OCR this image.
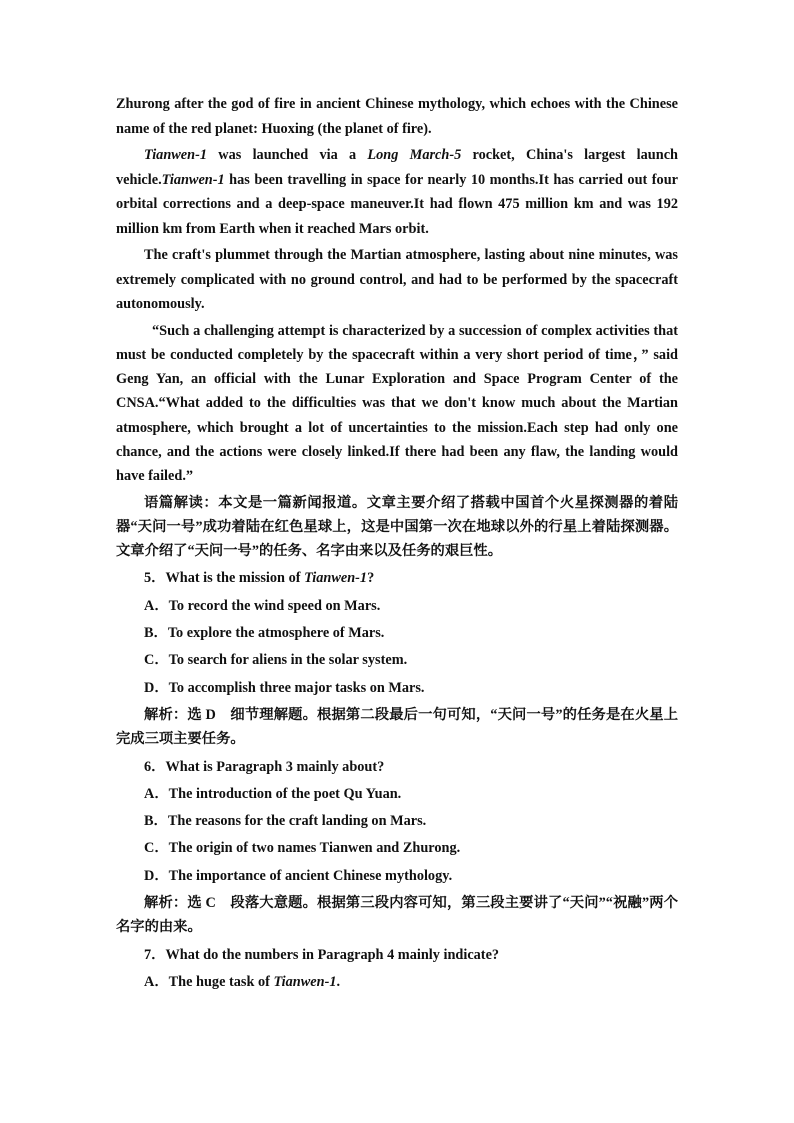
Zhurong after the god of fire in ancient Chinese mythology, which echoes with the Chinese name of the red planet: Huoxing (the planet of fire).

Tianwen-1 was launched via a Long March-5 rocket, China's largest launch vehicle.Tianwen-1 has been travelling in space for nearly 10 months.It has carried out four orbital corrections and a deep-space maneuver.It had flown 475 million km and was 192 million km from Earth when it reached Mars orbit.

The craft's plummet through the Martian atmosphere, lasting about nine minutes, was extremely complicated with no ground control, and had to be performed by the spacecraft autonomously.

“Such a challenging attempt is characterized by a succession of complex activities that must be conducted completely by the spacecraft within a very short period of time，” said Geng Yan, an official with the Lunar Exploration and Space Program Center of the CNSA.“What added to the difficulties was that we don't know much about the Martian atmosphere, which brought a lot of uncertainties to the mission.Each step had only one chance, and the actions were closely linked.If there had been any flaw, the landing would have failed.”

语篇解读：本文是一篇新闻报道。文章主要介绍了搭载中国首个火星探测器的着陆器“天问一号”成功着陆在红色星球上，这是中国第一次在地球以外的行星上着陆探测器。文章介绍了“天问一号”的任务、名字由来以及任务的艰巨性。

5．What is the mission of Tianwen-1?

A．To record the wind speed on Mars.

B．To explore the atmosphere of Mars.

C．To search for aliens in the solar system.

D．To accomplish three major tasks on Mars.

解析：选 D　细节理解题。根据第二段最后一句可知，“天问一号”的任务是在火星上完成三项主要任务。

6．What is Paragraph 3 mainly about?

A．The introduction of the poet Qu Yuan.

B．The reasons for the craft landing on Mars.

C．The origin of two names Tianwen and Zhurong.

D．The importance of ancient Chinese mythology.

解析：选 C　段落大意题。根据第三段内容可知，第三段主要讲了“天问”“祝融”两个名字的由来。

7．What do the numbers in Paragraph 4 mainly indicate?

A．The huge task of Tianwen-1.
